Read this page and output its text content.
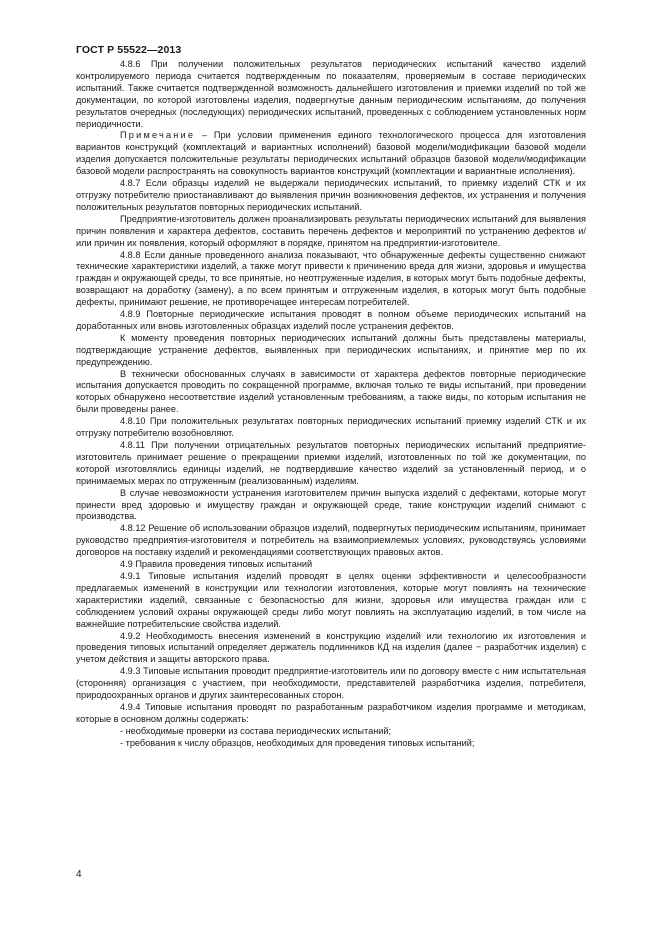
ГОСТ Р 55522—2013

4.8.6 При получении положительных результатов периодических испытаний качество изделий контролируемого периода считается подтвержденным по показателям, проверяемым в составе периодических испытаний. Также считается подтвержденной возможность дальнейшего изготовления и приемки изделий по той же документации, по которой изготовлены изделия, подвергнутые данным периодическим испытаниям, до получения результатов очередных (последующих) периодических испытаний, проведенных с соблюдением установленных норм периодичности.

Примечание – При условии применения единого технологического процесса для изготовления вариантов конструкций (комплектаций и вариантных исполнений) базовой модели/модификации базовой модели изделия допускается положительные результаты периодических испытаний образцов базовой модели/модификации базовой модели распространять на совокупность вариантов конструкций (комплектации и вариантные исполнения).

4.8.7 Если образцы изделий не выдержали периодических испытаний, то приемку изделий СТК и их отгрузку потребителю приостанавливают до выявления причин возникновения дефектов, их устранения и получения положительных результатов повторных периодических испытаний.

Предприятие-изготовитель должен проанализировать результаты периодических испытаний для выявления причин появления и характера дефектов, составить перечень дефектов и мероприятий по устранению дефектов и/или причин их появления, который оформляют в порядке, принятом на предприятии-изготовителе.

4.8.8 Если данные проведенного анализа показывают, что обнаруженные дефекты существенно снижают технические характеристики изделий, а также могут привести к причинению вреда для жизни, здоровья и имущества граждан и окружающей среды, то все принятые, но неотгруженные изделия, в которых могут быть подобные дефекты, возвращают на доработку (замену), а по всем принятым и отгруженным изделия, в которых могут быть подобные дефекты, принимают решение, не противоречащее интересам потребителей.

4.8.9 Повторные периодические испытания проводят в полном объеме периодических испытаний на доработанных или вновь изготовленных образцах изделий после устранения дефектов.

К моменту проведения повторных периодических испытаний должны быть представлены материалы, подтверждающие устранение дефектов, выявленных при периодических испытаниях, и принятие мер по их предупреждению.

В технически обоснованных случаях в зависимости от характера дефектов повторные периодические испытания допускается проводить по сокращенной программе, включая только те виды испытаний, при проведении которых обнаружено несоответствие изделий установленным требованиям, а также виды, по которым испытания не были проведены ранее.

4.8.10 При положительных результатах повторных периодических испытаний приемку изделий СТК и их отгрузку потребителю возобновляют.

4.8.11 При получении отрицательных результатов повторных периодических испытаний предприятие-изготовитель принимает решение о прекращении приемки изделий, изготовленных по той же документации, по которой изготовлялись единицы изделий, не подтвердившие качество изделий за установленный период, и о принимаемых мерах по отгруженным (реализованным) изделиям.

В случае невозможности устранения изготовителем причин выпуска изделий с дефектами, которые могут принести вред здоровью и имуществу граждан и окружающей среде, такие конструкции изделий снимают с производства.

4.8.12 Решение об использовании образцов изделий, подвергнутых периодическим испытаниям, принимает руководство предприятия-изготовителя и потребитель на взаимоприемлемых условиях, руководствуясь условиями договоров на поставку изделий и рекомендациями соответствующих правовых актов.

4.9 Правила проведения типовых испытаний

4.9.1 Типовые испытания изделий проводят в целях оценки эффективности и целесообразности предлагаемых изменений в конструкции или технологии изготовления, которые могут повлиять на технические характеристики изделий, связанные с безопасностью для жизни, здоровья или имущества граждан или с соблюдением условий охраны окружающей среды либо могут повлиять на эксплуатацию изделий, в том числе на важнейшие потребительские свойства изделий.

4.9.2 Необходимость внесения изменений в конструкцию изделий или технологию их изготовления и проведения типовых испытаний определяет держатель подлинников КД на изделия (далее − разработчик изделия) с учетом действия и защиты авторского права.

4.9.3 Типовые испытания проводит предприятие-изготовитель или по договору вместе с ним испытательная (сторонняя) организация с участием, при необходимости, представителей разработчика изделия, потребителя, природоохранных органов и других заинтересованных сторон.

4.9.4 Типовые испытания проводят по разработанным разработчиком изделия программе и методикам, которые в основном должны содержать:

- необходимые проверки из состава периодических испытаний;

- требования к числу образцов, необходимых для проведения типовых испытаний;

4
